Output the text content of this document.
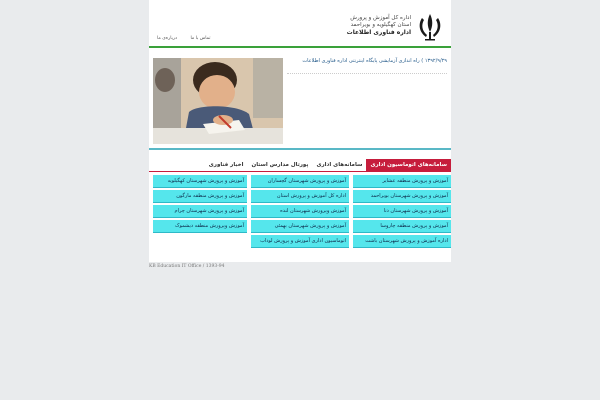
اداره کل آموزش و پرورش
استان کهگیلویه و بویراحمد
اداره فناوری اطلاعات
تماس با ما درباره‌ی ما
۱۳۹۲/۹/۲۹ ) راه اندازی آزمایشی پایگاه اینترنتی اداره فناوری اطلاعات
سامانه‌های اتوماسیون اداری
سامانه‌های اداری
پورتال مدارس استان
اخبار فناوری
آموزش و پرورش منطقه عشایر
آموزش و پرورش شهرستان بویراحمد
آموزش و پرورش شهرستان دنا
آموزش و پرورش منطقه چاروسا
اداره آموزش و پرورش شهرستان باشت
آموزش و پرورش شهرستان گچساران
اداره کل آموزش و پرورش استان
آموزش وپرورش شهرستان لنده
آموزش و پرورش شهرستان بهمئی
اتوماسیون اداری آموزش و پرورش لوداب
آموزش و پرورش شهرستان کهگیلویه
آموزش و پرورش منطقه مارگون
آموزش و پرورش شهرستان چرام
آموزش وپرورش منطقه دیشموک
KB Education IT Office / 1393-94
